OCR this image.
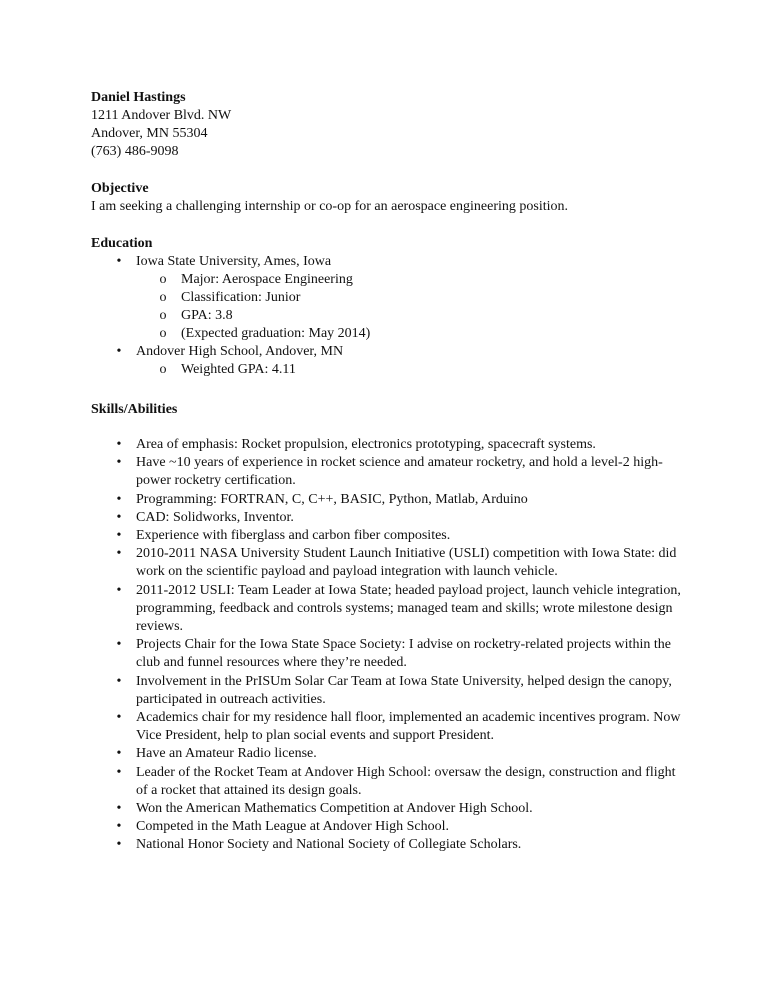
Daniel Hastings
1211 Andover Blvd. NW
Andover, MN 55304
(763) 486-9098
Objective
I am seeking a challenging internship or co-op for an aerospace engineering position.
Education
• Iowa State University, Ames, Iowa
o Major: Aerospace Engineering
o Classification: Junior
o GPA: 3.8
o (Expected graduation: May 2014)
• Andover High School, Andover, MN
o Weighted GPA: 4.11
Skills/Abilities
• Area of emphasis: Rocket propulsion, electronics prototyping, spacecraft systems.
• Have ~10 years of experience in rocket science and amateur rocketry, and hold a level-2 high-
power rocketry certification.
• Programming: FORTRAN, C, C++, BASIC, Python, Matlab, Arduino
• CAD: Solidworks, Inventor.
• Experience with fiberglass and carbon fiber composites.
• 2010-2011 NASA University Student Launch Initiative (USLI) competition with Iowa State: did
work on the scientific payload and payload integration with launch vehicle.
• 2011-2012 USLI: Team Leader at Iowa State; headed payload project, launch vehicle integration,
programming, feedback and controls systems; managed team and skills; wrote milestone design
reviews.
• Projects Chair for the Iowa State Space Society: I advise on rocketry-related projects within the
club and funnel resources where they’re needed.
• Involvement in the PrISUm Solar Car Team at Iowa State University, helped design the canopy,
participated in outreach activities.
• Academics chair for my residence hall floor, implemented an academic incentives program. Now
Vice President, help to plan social events and support President.
• Have an Amateur Radio license.
• Leader of the Rocket Team at Andover High School: oversaw the design, construction and flight
of a rocket that attained its design goals.
• Won the American Mathematics Competition at Andover High School.
• Competed in the Math League at Andover High School.
• National Honor Society and National Society of Collegiate Scholars.
